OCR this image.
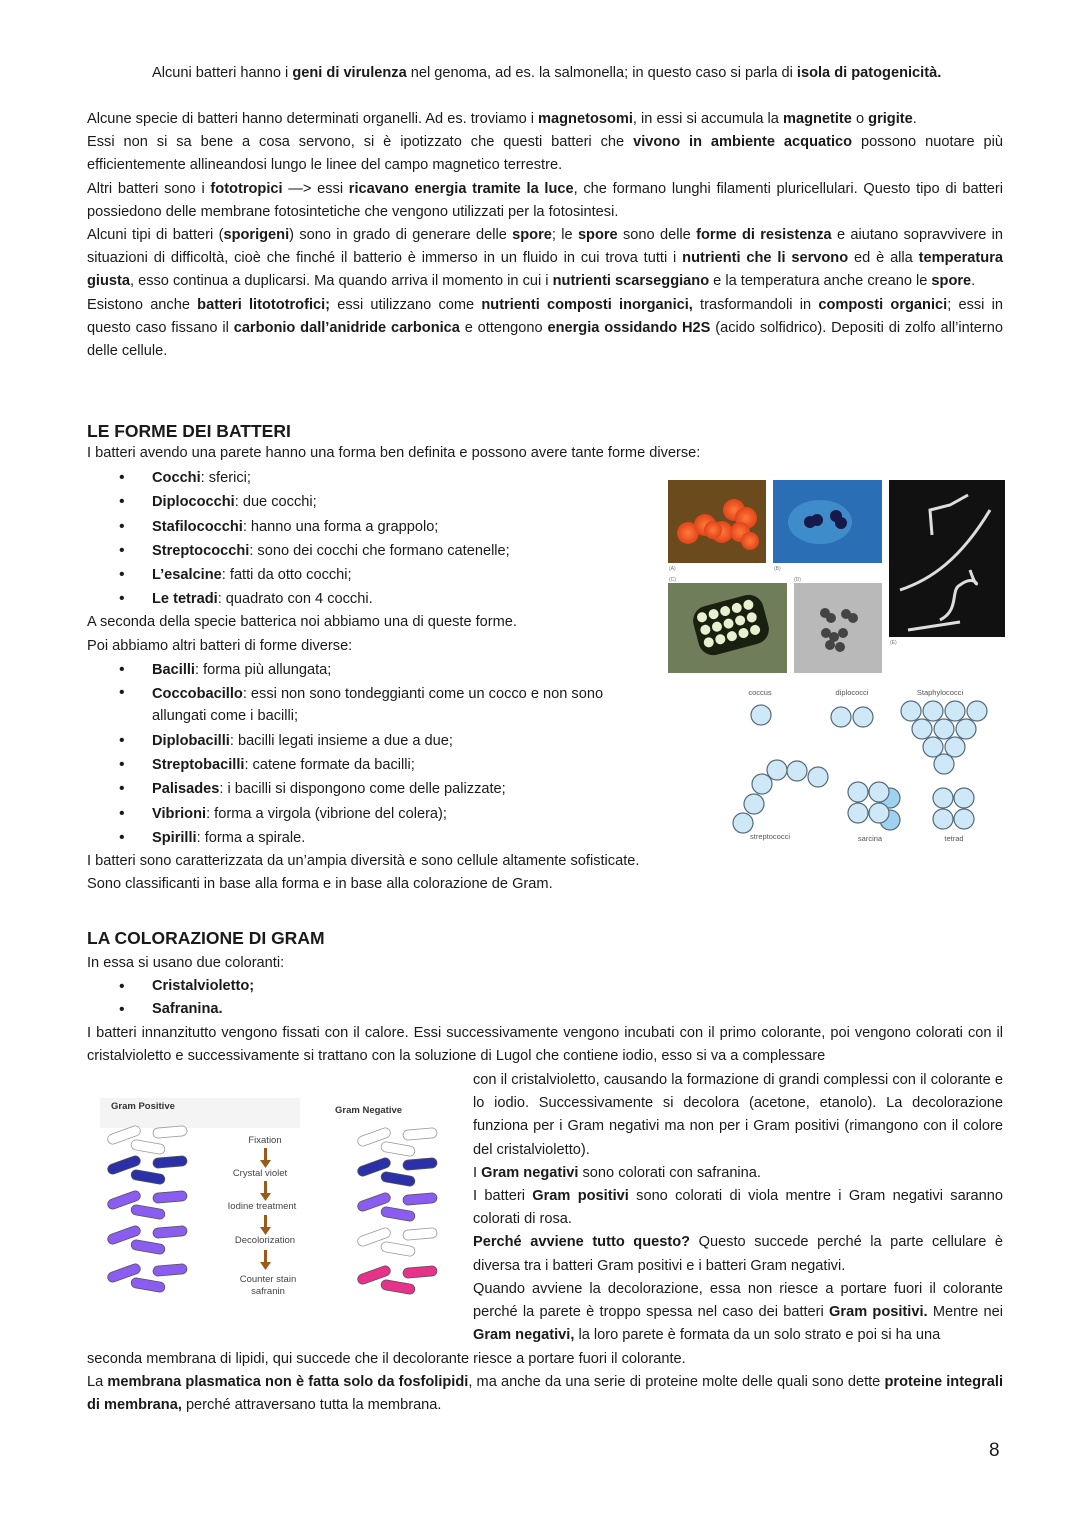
Alcuni batteri hanno i geni di virulenza nel genoma, ad es. la salmonella; in questo caso si parla di isola di patogenicità.

Alcune specie di batteri hanno determinati organelli. Ad es. troviamo i magnetosomi, in essi si accumula la magnetite o grigite.

Essi non si sa bene a cosa servono, si è ipotizzato che questi batteri che vivono in ambiente acquatico possono nuotare più efficientemente allineandosi lungo le linee del campo magnetico terrestre.

Altri batteri sono i fototropici —> essi ricavano energia tramite la luce, che formano lunghi filamenti pluricellulari. Questo tipo di batteri possiedono delle membrane fotosintetiche che vengono utilizzati per la fotosintesi.

Alcuni tipi di batteri (sporigeni) sono in grado di generare delle spore; le spore sono delle forme di resistenza e aiutano sopravvivere in situazioni di difficoltà, cioè che finché il batterio è immerso in un fluido in cui trova tutti i nutrienti che li servono ed è alla temperatura giusta, esso continua a duplicarsi. Ma quando arriva il momento in cui i nutrienti scarseggiano e la temperatura anche creano le spore.

Esistono anche batteri litototrofici; essi utilizzano come nutrienti composti inorganici, trasformandoli in composti organici; essi in questo caso fissano il carbonio dall’anidride carbonica e ottengono energia ossidando H2S (acido solfidrico). Depositi di zolfo all’interno delle cellule.

LE FORME DEI BATTERI

I batteri avendo una parete hanno una forma ben definita e possono avere tante forme diverse:

• Cocchi: sferici;
• Diplococchi: due cocchi;
• Stafilococchi: hanno una forma a grappolo;
• Streptococchi: sono dei cocchi che formano catenelle;
• L’esalcine: fatti da otto cocchi;
• Le tetradi: quadrato con 4 cocchi.

A seconda della specie batterica noi abbiamo una di queste forme.

Poi abbiamo altri batteri di forme diverse:

• Bacilli: forma più allungata;
• Coccobacillo: essi non sono tondeggianti come un cocco e non sono allungati come i bacilli;
• Diplobacilli: bacilli legati insieme a due a due;
• Streptobacilli: catene formate da bacilli;
• Palisades: i bacilli si dispongono come delle palizzate;
• Vibrioni: forma a virgola (vibrione del colera);
• Spirilli: forma a spirale.

I batteri sono caratterizzata da un’ampia diversità e sono cellule altamente sofisticate.

Sono classificanti in base alla forma e in base alla colorazione de Gram.

(A)	(B)
(C)	(D)
(E)
coccus	diplococci	Staphylococci
streptococci	sarcina	tetrad
LA COLORAZIONE DI GRAM

In essa si usano due coloranti:

• Cristalvioletto;
• Safranina.

I batteri innanzitutto vengono fissati con il calore. Essi successivamente vengono incubati con il primo colorante, poi vengono colorati con il cristalvioletto e successivamente si trattano con la soluzione di Lugol che contiene iodio, esso si va a complessare

con il cristalvioletto, causando la formazione di grandi complessi con il colorante e lo iodio. Successivamente si decolora (acetone, etanolo). La decolorazione funziona per i Gram negativi ma non per i Gram positivi (rimangono con il colore del cristalvioletto).

I Gram negativi sono colorati con safranina.

I batteri Gram positivi sono colorati di viola mentre i Gram negativi saranno colorati di rosa.

Perché avviene tutto questo? Questo succede perché la parte cellulare è diversa tra i batteri Gram positivi e i batteri Gram negativi.

Quando avviene la decolorazione, essa non riesce a portare fuori il colorante perché la parete è troppo spessa nel caso dei batteri Gram positivi. Mentre nei Gram negativi, la loro parete è formata da un solo strato e poi si ha una

seconda membrana di lipidi, qui succede che il decolorante riesce a portare fuori il colorante.

La membrana plasmatica non è fatta solo da fosfolipidi, ma anche da una serie di proteine molte delle quali sono dette proteine integrali di membrana, perché attraversano tutta la membrana.

Gram Positive	Gram Negative
Fixation
Crystal violet
Iodine treatment
Decolorization
Counter stain
safranin
8
